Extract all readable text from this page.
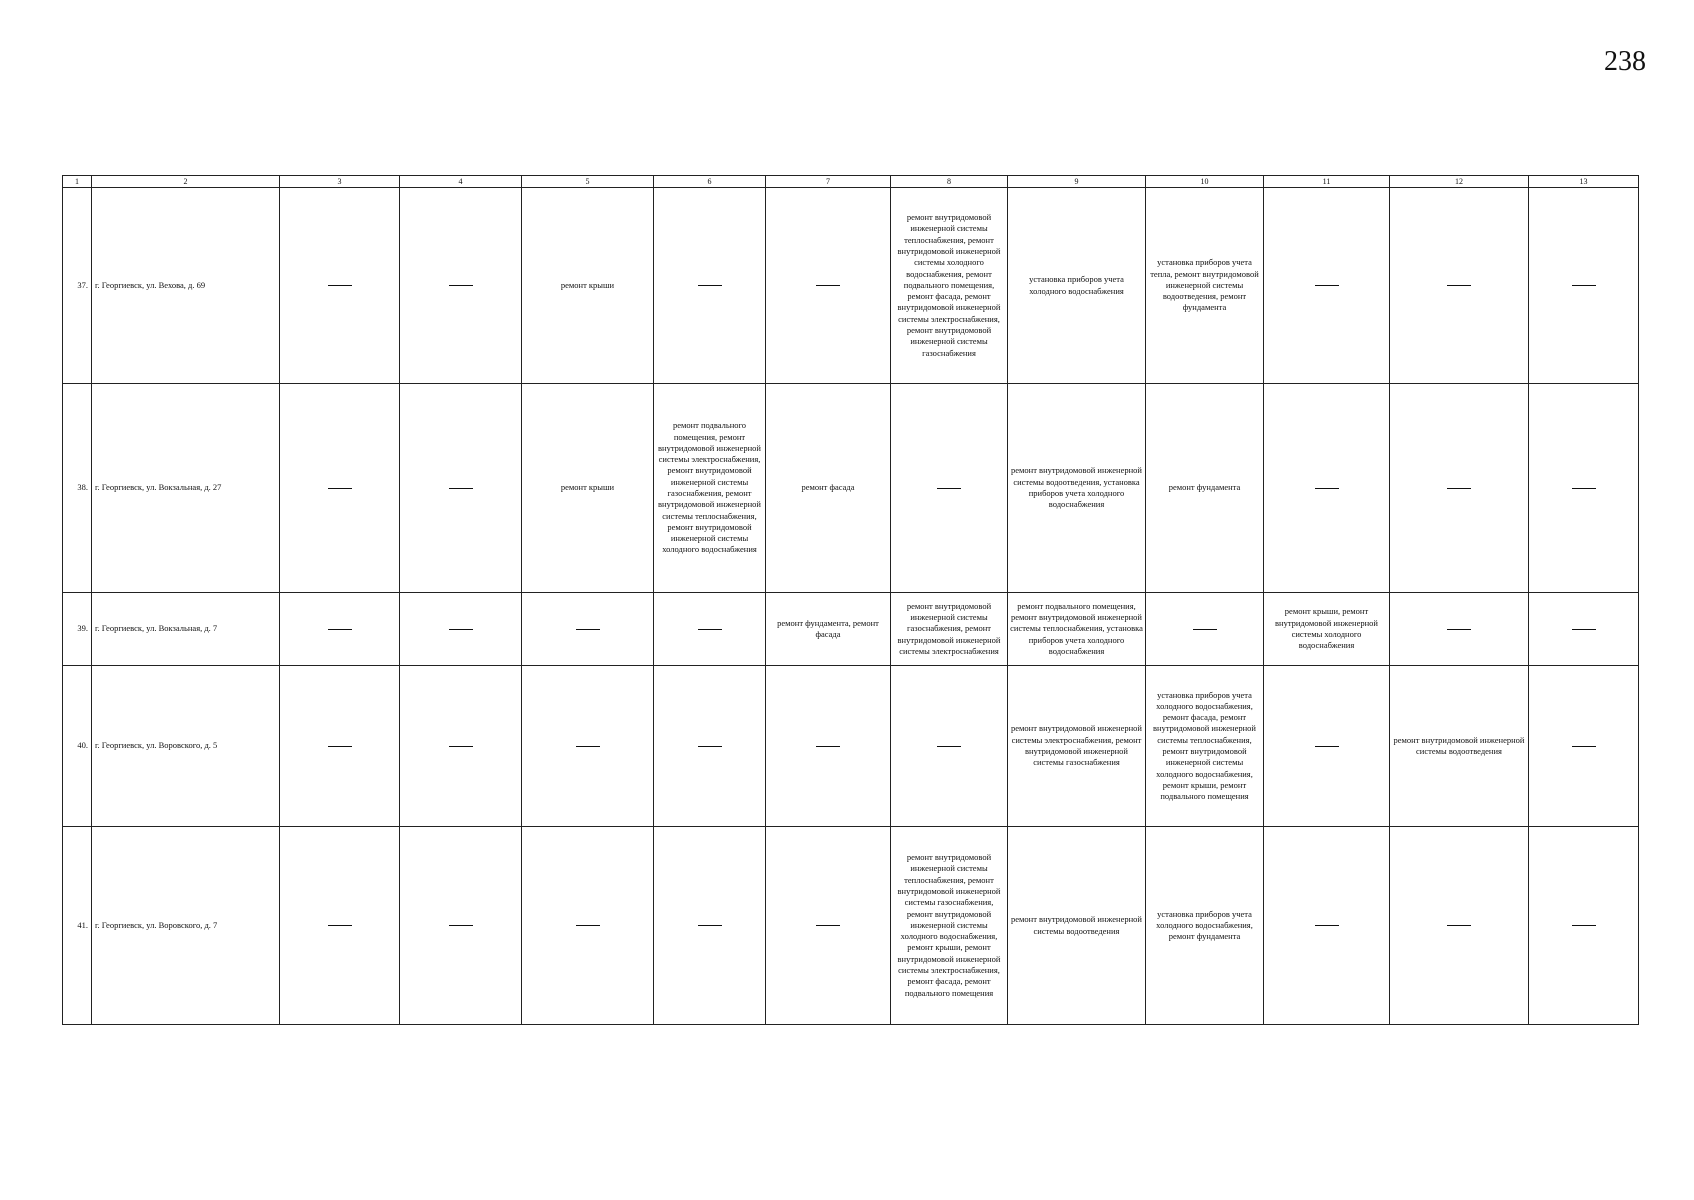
238
1	2	3	4	5	6	7	8	9	10	11	12	13
37.	г. Георгиевск, ул. Вехова, д. 69			ремонт крыши			ремонт внутридомовой инженерной системы теплоснабжения, ремонт внутридомовой инженерной системы холодного водоснабжения, ремонт подвального помещения, ремонт фасада, ремонт внутридомовой инженерной системы электроснабжения, ремонт внутридомовой инженерной системы газоснабжения	установка приборов учета холодного водоснабжения	установка приборов учета тепла, ремонт внутридомовой инженерной системы водоотведения, ремонт фундамента			
38.	г. Георгиевск, ул. Вокзальная, д. 27			ремонт крыши	ремонт подвального помещения, ремонт внутридомовой инженерной системы электроснабжения, ремонт внутридомовой инженерной системы газоснабжения, ремонт внутридомовой инженерной системы теплоснабжения, ремонт внутридомовой инженерной системы холодного водоснабжения	ремонт фасада		ремонт внутридомовой инженерной системы водоотведения, установка приборов учета холодного водоснабжения	ремонт фундамента			
39.	г. Георгиевск, ул. Вокзальная, д. 7					ремонт фундамента, ремонт фасада	ремонт внутридомовой инженерной системы газоснабжения, ремонт внутридомовой инженерной системы электроснабжения	ремонт подвального помещения, ремонт внутридомовой инженерной системы теплоснабжения, установка приборов учета холодного водоснабжения		ремонт крыши, ремонт внутридомовой инженерной системы холодного водоснабжения		
40.	г. Георгиевск, ул. Воровского, д. 5							ремонт внутридомовой инженерной системы электроснабжения, ремонт внутридомовой инженерной системы газоснабжения	установка приборов учета холодного водоснабжения, ремонт фасада, ремонт внутридомовой инженерной системы теплоснабжения, ремонт внутридомовой инженерной системы холодного водоснабжения, ремонт крыши, ремонт подвального помещения		ремонт внутридомовой инженерной системы водоотведения	
41.	г. Георгиевск, ул. Воровского, д. 7						ремонт внутридомовой инженерной системы теплоснабжения, ремонт внутридомовой инженерной системы газоснабжения, ремонт внутридомовой инженерной системы холодного водоснабжения, ремонт крыши, ремонт внутридомовой инженерной системы электроснабжения, ремонт фасада, ремонт подвального помещения	ремонт внутридомовой инженерной системы водоотведения	установка приборов учета холодного водоснабжения, ремонт фундамента			
